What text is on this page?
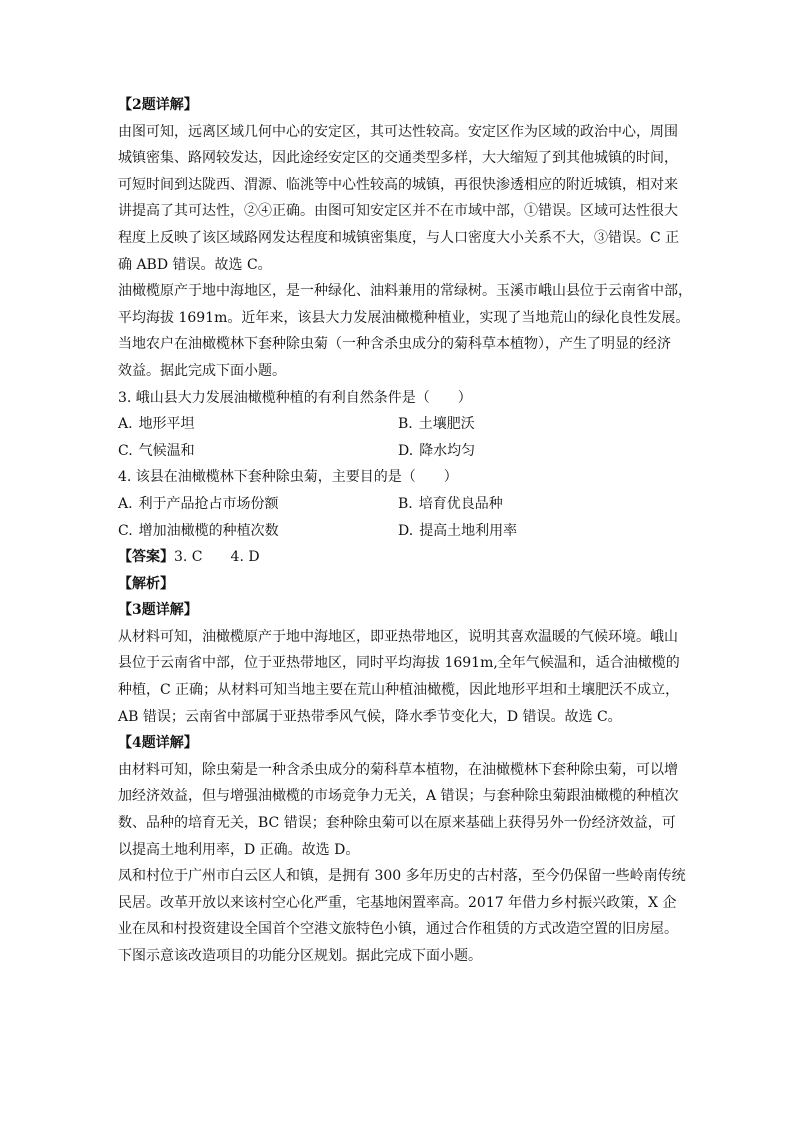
【2题详解】
由图可知，远离区域几何中心的安定区，其可达性较高。安定区作为区域的政治中心，周围
城镇密集、路网较发达，因此途经安定区的交通类型多样，大大缩短了到其他城镇的时间，
可短时间到达陇西、渭源、临洮等中心性较高的城镇，再很快渗透相应的附近城镇，相对来
讲提高了其可达性，②④正确。由图可知安定区并不在市域中部，①错误。区域可达性很大
程度上反映了该区域路网发达程度和城镇密集度，与人口密度大小关系不大，③错误。C 正
确 ABD 错误。故选 C。
油橄榄原产于地中海地区，是一种绿化、油料兼用的常绿树。玉溪市峨山县位于云南省中部，
平均海拔 1691m。近年来，该县大力发展油橄榄种植业，实现了当地荒山的绿化良性发展。
当地农户在油橄榄林下套种除虫菊（一种含杀虫成分的菊科草本植物），产生了明显的经济
效益。据此完成下面小题。
3. 峨山县大力发展油橄榄种植的有利自然条件是（　　）
A. 地形平坦	B. 土壤肥沃
C. 气候温和	D. 降水均匀
4. 该县在油橄榄林下套种除虫菊，主要目的是（　　）
A. 利于产品抢占市场份额	B. 培育优良品种
C. 增加油橄榄的种植次数	D. 提高土地利用率
【答案】3. C 4. D
【解析】
【3题详解】
从材料可知，油橄榄原产于地中海地区，即亚热带地区，说明其喜欢温暖的气候环境。峨山
县位于云南省中部，位于亚热带地区，同时平均海拔 1691m,全年气候温和，适合油橄榄的
种植，C 正确；从材料可知当地主要在荒山种植油橄榄，因此地形平坦和土壤肥沃不成立，
AB 错误；云南省中部属于亚热带季风气候，降水季节变化大，D 错误。故选 C。
【4题详解】
由材料可知，除虫菊是一种含杀虫成分的菊科草本植物，在油橄榄林下套种除虫菊，可以增
加经济效益，但与增强油橄榄的市场竞争力无关，A 错误；与套种除虫菊跟油橄榄的种植次
数、品种的培育无关，BC 错误；套种除虫菊可以在原来基础上获得另外一份经济效益，可
以提高土地利用率，D 正确。故选 D。
凤和村位于广州市白云区人和镇，是拥有 300 多年历史的古村落，至今仍保留一些岭南传统
民居。改革开放以来该村空心化严重，宅基地闲置率高。2017 年借力乡村振兴政策，X 企
业在凤和村投资建设全国首个空港文旅特色小镇，通过合作租赁的方式改造空置的旧房屋。
下图示意该改造项目的功能分区规划。据此完成下面小题。
